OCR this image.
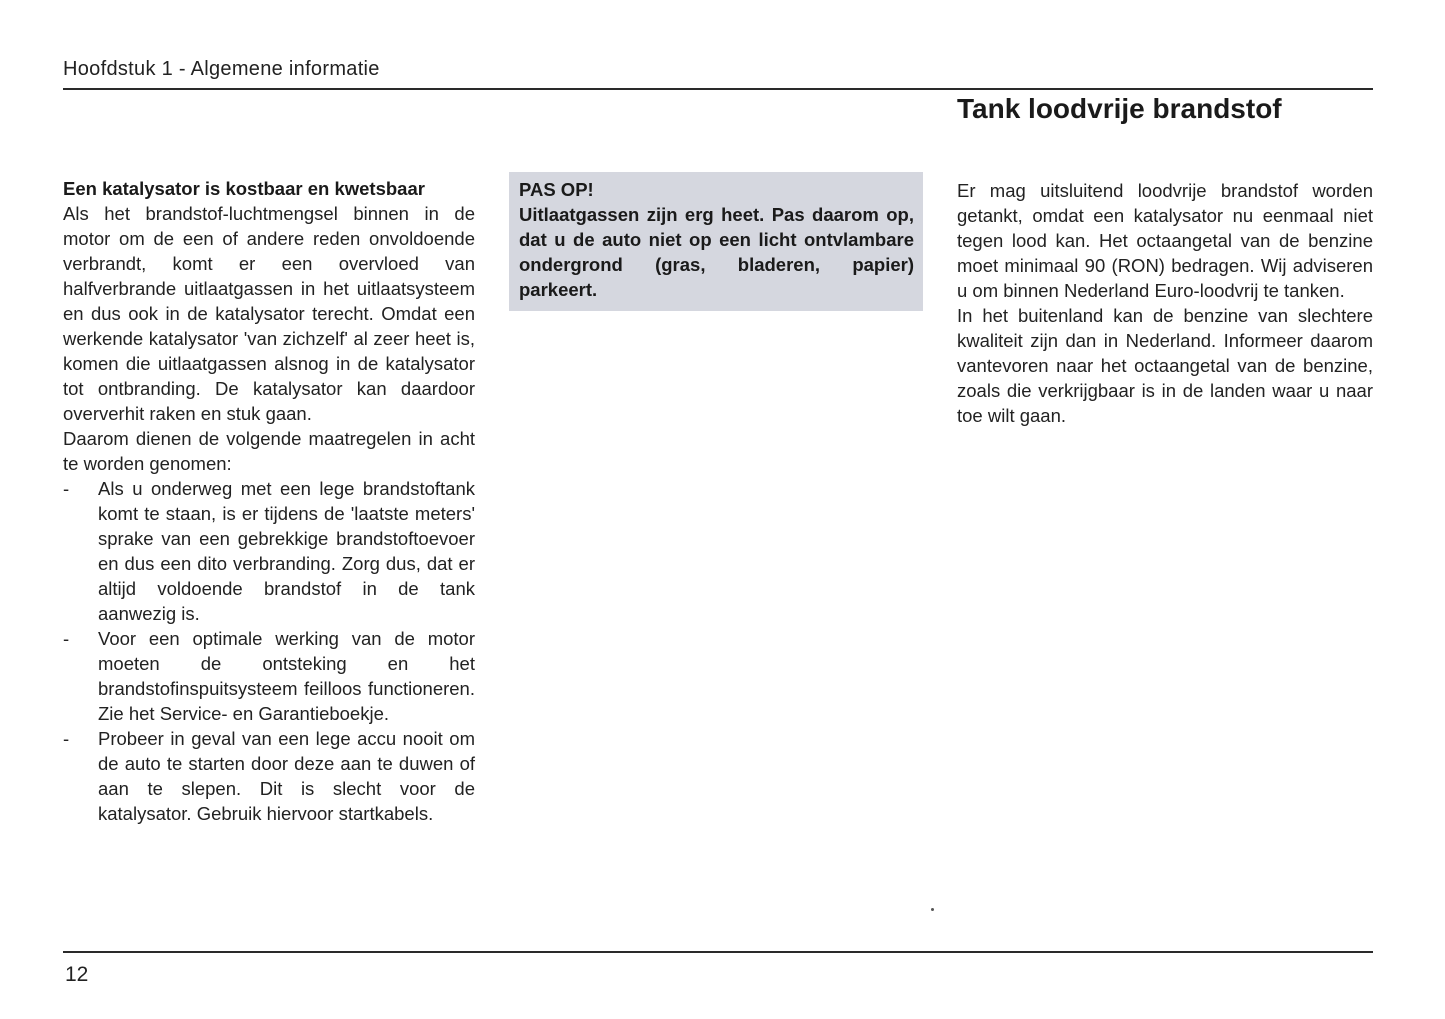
Hoofdstuk 1 - Algemene informatie
Tank loodvrije brandstof

Een katalysator is kostbaar en kwetsbaar

Als het brandstof-luchtmengsel binnen in de motor om de een of andere reden onvoldoende verbrandt, komt er een overvloed van halfverbrande uitlaatgassen in het uitlaatsysteem en dus ook in de katalysator terecht. Omdat een werkende katalysator 'van zichzelf' al zeer heet is, komen die uitlaatgassen alsnog in de katalysator tot ontbranding. De katalysator kan daardoor oververhit raken en stuk gaan.

Daarom dienen de volgende maatregelen in acht te worden genomen:

- Als u onderweg met een lege brandstoftank komt te staan, is er tijdens de 'laatste meters' sprake van een gebrekkige brandstoftoevoer en dus een dito verbranding. Zorg dus, dat er altijd voldoende brandstof in de tank aanwezig is.
- Voor een optimale werking van de motor moeten de ontsteking en het brandstofinspuitsysteem feilloos functioneren. Zie het Service- en Garantieboekje.
- Probeer in geval van een lege accu nooit om de auto te starten door deze aan te duwen of aan te slepen. Dit is slecht voor de katalysator. Gebruik hiervoor startkabels.

PAS OP!

Uitlaatgassen zijn erg heet. Pas daarom op, dat u de auto niet op een licht ontvlambare ondergrond (gras, bladeren, papier) parkeert.

Er mag uitsluitend loodvrije brandstof worden getankt, omdat een katalysator nu eenmaal niet tegen lood kan. Het octaangetal van de benzine moet minimaal 90 (RON) bedragen. Wij adviseren u om binnen Nederland Euro-loodvrij te tanken.

In het buitenland kan de benzine van slechtere kwaliteit zijn dan in Nederland. Informeer daarom vantevoren naar het octaangetal van de benzine, zoals die verkrijgbaar is in de landen waar u naar toe wilt gaan.

12
